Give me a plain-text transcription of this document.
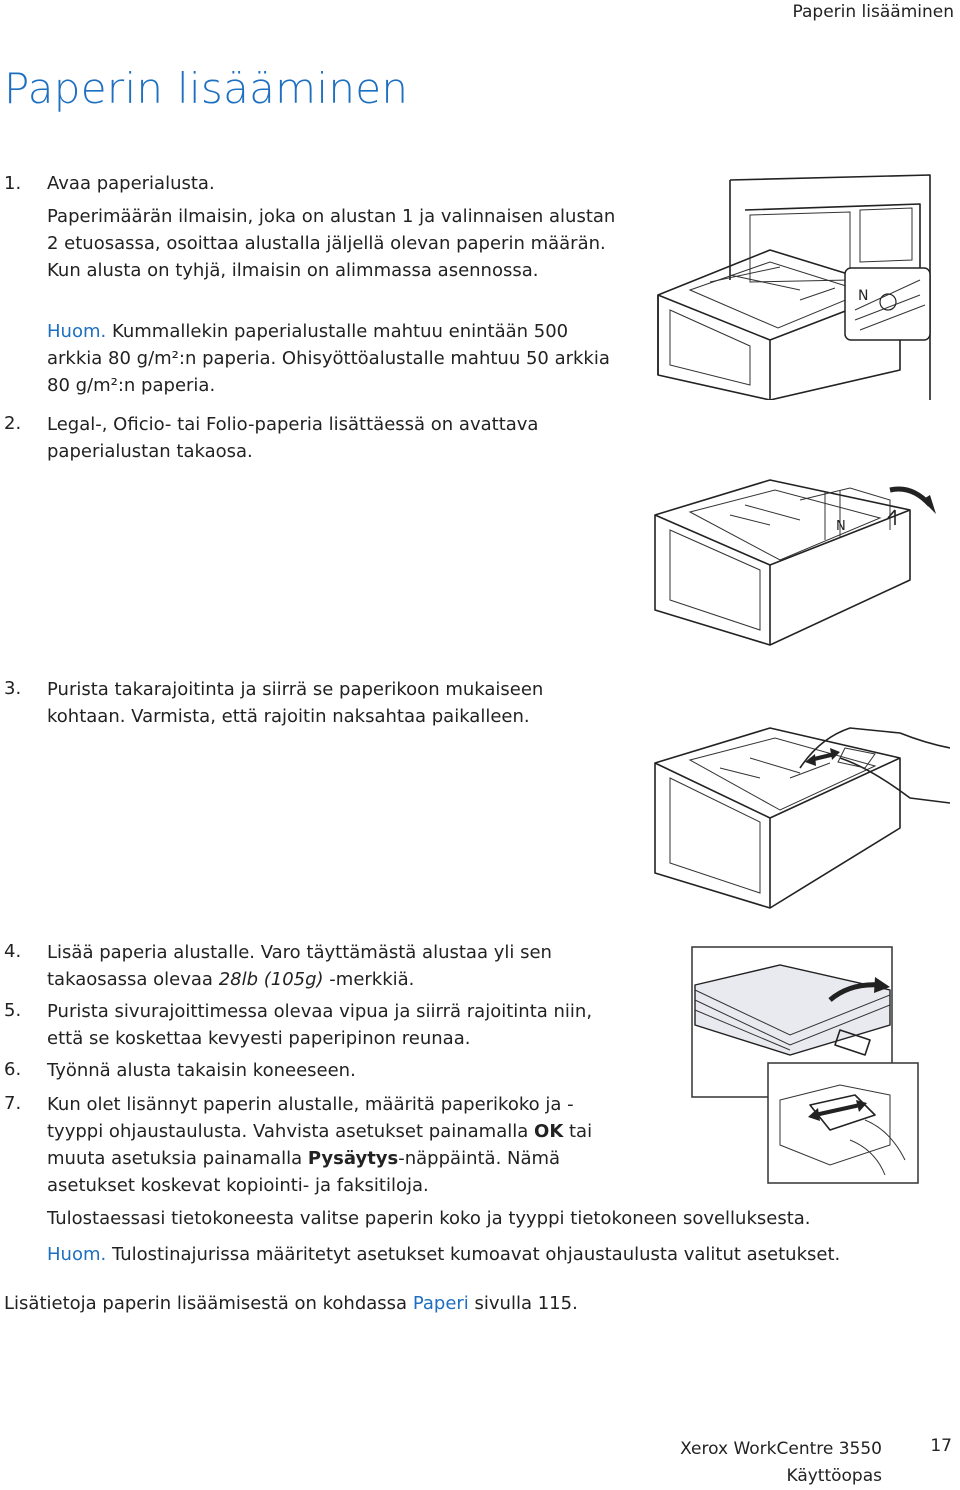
Paperin lisääminen
Paperin lisääminen
1. Avaa paperialusta.
Paperimäärän ilmaisin, joka on alustan 1 ja valinnaisen alustan 2 etuosassa, osoittaa alustalla jäljellä olevan paperin määrän. Kun alusta on tyhjä, ilmaisin on alimmassa asennossa.
Huom. Kummallekin paperialustalle mahtuu enintään 500 arkkia 80 g/m²:n paperia. Ohisyöttöalustalle mahtuu 50 arkkia 80 g/m²:n paperia.
2. Legal-, Oficio- tai Folio-paperia lisättäessä on avattava paperialustan takaosa.
3. Purista takarajoitinta ja siirrä se paperikoon mukaiseen kohtaan. Varmista, että rajoitin naksahtaa paikalleen.
4. Lisää paperia alustalle. Varo täyttämästä alustaa yli sen takaosassa olevaa 28lb (105g) -merkkiä.
5. Purista sivurajoittimessa olevaa vipua ja siirrä rajoitinta niin, että se koskettaa kevyesti paperipinon reunaa.
6. Työnnä alusta takaisin koneeseen.
7. Kun olet lisännyt paperin alustalle, määritä paperikoko ja -tyyppi ohjaustaulusta. Vahvista asetukset painamalla OK tai muuta asetuksia painamalla Pysäytys-näppäintä. Nämä asetukset koskevat kopiointi- ja faksitiloja.
Tulostaessasi tietokoneesta valitse paperin koko ja tyyppi tietokoneen sovelluksesta.
Huom. Tulostinajurissa määritetyt asetukset kumoavat ohjaustaulusta valitut asetukset.
Lisätietoja paperin lisäämisestä on kohdassa Paperi sivulla 115.
Xerox WorkCentre 3550
Käyttöopas
17
N
N
